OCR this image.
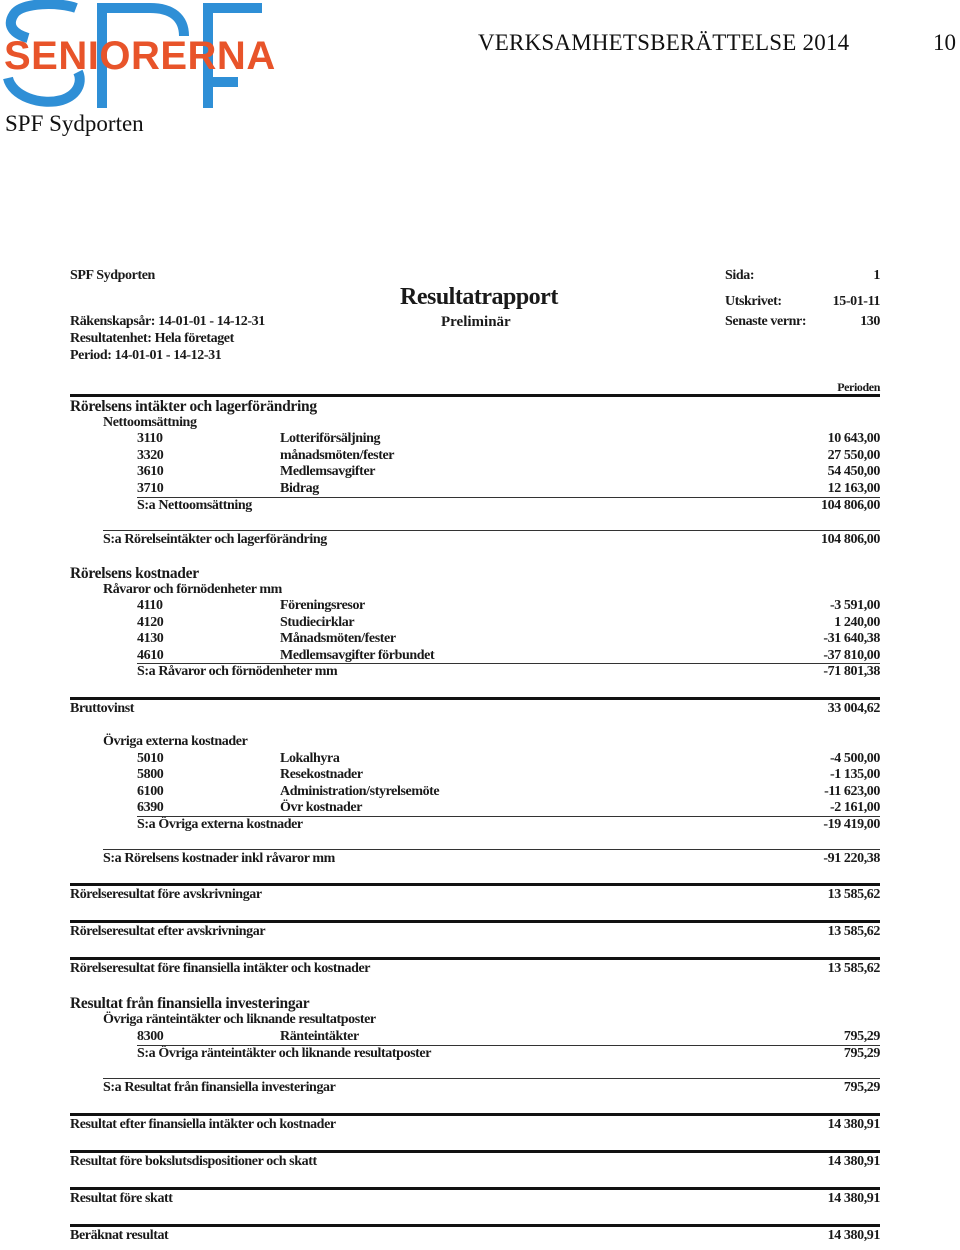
SENIORERNA	VERKSAMHETSBERÄTTELSE 2014	10
SPF Sydporten
SPF Sydporten
Resultatrapport
Preliminär
Räkenskapsår: 14-01-01 - 14-12-31
Resultatenhet: Hela företaget
Period: 14-01-01 - 14-12-31
Sida:	1
Utskrivet:	15-01-11
Senaste vernr:	130
Perioden
Rörelsens intäkter och lagerförändring
Nettoomsättning
3110	Lotteriförsäljning	10 643,00
3320	månadsmöten/fester	27 550,00
3610	Medlemsavgifter	54 450,00
3710	Bidrag	12 163,00
S:a Nettoomsättning	104 806,00
S:a Rörelseintäkter och lagerförändring	104 806,00
Rörelsens kostnader
Råvaror och förnödenheter mm
4110	Föreningsresor	-3 591,00
4120	Studiecirklar	1 240,00
4130	Månadsmöten/fester	-31 640,38
4610	Medlemsavgifter förbundet	-37 810,00
S:a Råvaror och förnödenheter mm	-71 801,38
Bruttovinst	33 004,62
Övriga externa kostnader
5010	Lokalhyra	-4 500,00
5800	Resekostnader	-1 135,00
6100	Administration/styrelsemöte	-11 623,00
6390	Övr kostnader	-2 161,00
S:a Övriga externa kostnader	-19 419,00
S:a Rörelsens kostnader inkl råvaror mm	-91 220,38
Rörelseresultat före avskrivningar	13 585,62
Rörelseresultat efter avskrivningar	13 585,62
Rörelseresultat före finansiella intäkter och kostnader	13 585,62
Resultat från finansiella investeringar
Övriga ränteintäkter och liknande resultatposter
8300	Ränteintäkter	795,29
S:a Övriga ränteintäkter och liknande resultatposter	795,29
S:a Resultat från finansiella investeringar	795,29
Resultat efter finansiella intäkter och kostnader	14 380,91
Resultat före bokslutsdispositioner och skatt	14 380,91
Resultat före skatt	14 380,91
Beräknat resultat	14 380,91
